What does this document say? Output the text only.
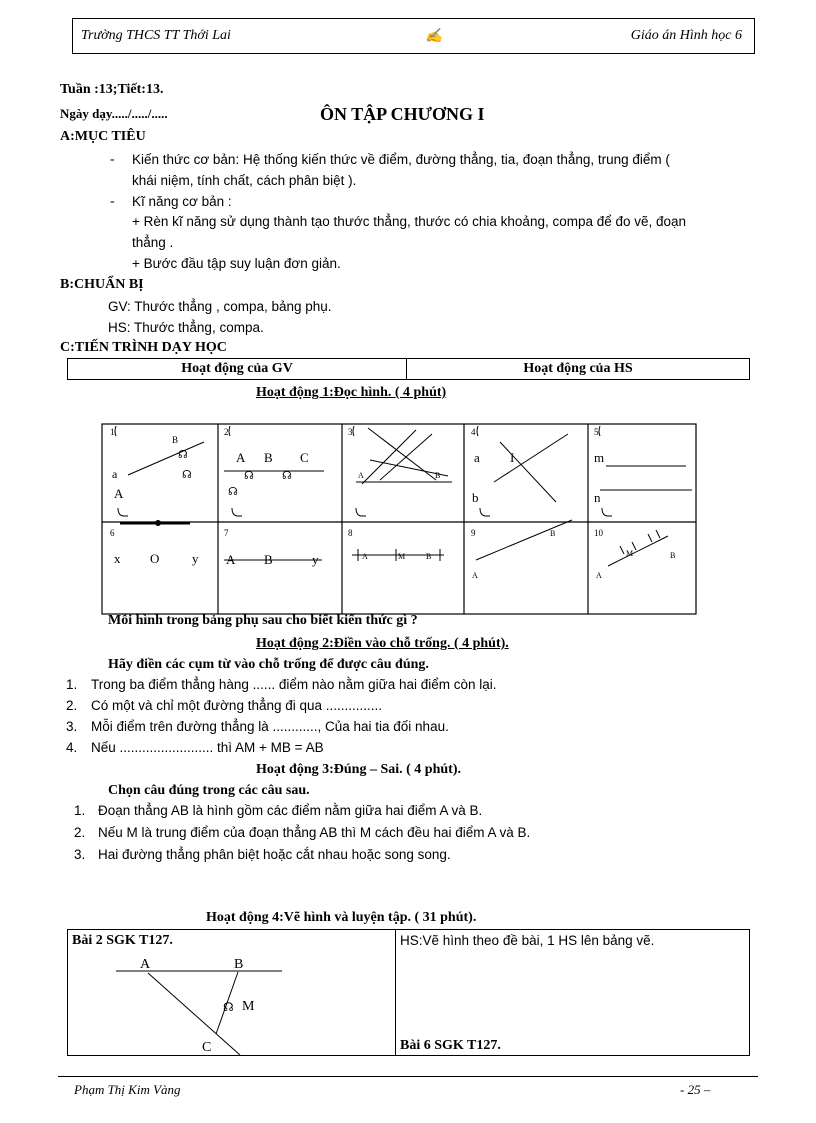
Trường THCS TT Thới Lai	✍	Giáo án Hình học 6
Tuần :13;Tiết:13.
Ngày dạy...../...../.....	ÔN TẬP CHƯƠNG I
A:MỤC TIÊU
- Kiến thức cơ bản: Hệ thống kiến thức về điểm, đường thẳng, tia, đoạn thẳng, trung điểm (
khái niệm, tính chất, cách phân biệt ).
- Kĩ năng cơ bản :
+ Rèn kĩ năng sử dụng thành tạo thước thẳng, thước có chia khoảng, compa để đo vẽ, đoạn
thẳng .
+ Bước đầu tập suy luận đơn giản.
B:CHUẨN BỊ
GV: Thước thẳng , compa, bảng phụ.
HS: Thước thẳng, compa.
C:TIẾN TRÌNH DẠY HỌC
Hoạt động của GV	Hoạt động của HS
Hoạt động 1:Đọc hình. ( 4 phút)
1	2	3	4	5
6	7	8	9	10
☊
☊
B
a
A
A B C
☊	☊
☊
A	B
a I
b
m
n
x O	y A B	y	A	M	B
A
B
A
M	B
Mỗi hình trong bảng phụ sau cho biết kiến thức gì ?
Hoạt động 2:Điền vào chỗ trống. ( 4 phút).
Hãy điền các cụm từ vào chỗ trống để được câu đúng.
1. Trong ba điểm thẳng hàng ...... điểm nào nằm giữa hai điểm còn lại.
2. Có một và chỉ một đường thẳng đi qua ...............
3. Mỗi điểm trên đường thẳng là ............, Của hai tia đối nhau.
4. Nếu ......................... thì AM + MB = AB
Hoạt động 3:Đúng – Sai. ( 4 phút).
Chọn câu đúng trong các câu sau.
1. Đoạn thẳng AB là hình gồm các điểm nằm giữa hai điểm A và B.
2. Nếu M là trung điểm của đoạn thẳng AB thì M cách đều hai điểm A và B.
3. Hai đường thẳng phân biệt hoặc cắt nhau hoặc song song.
Hoạt động 4:Vẽ hình và luyện tập. ( 31 phút).
Bài 2 SGK T127.
A	B
☊ M
C

HS:Vẽ hình theo đề bài, 1 HS lên bảng vẽ.
Bài 6 SGK T127.
Phạm Thị Kim Vàng	- 25 –
